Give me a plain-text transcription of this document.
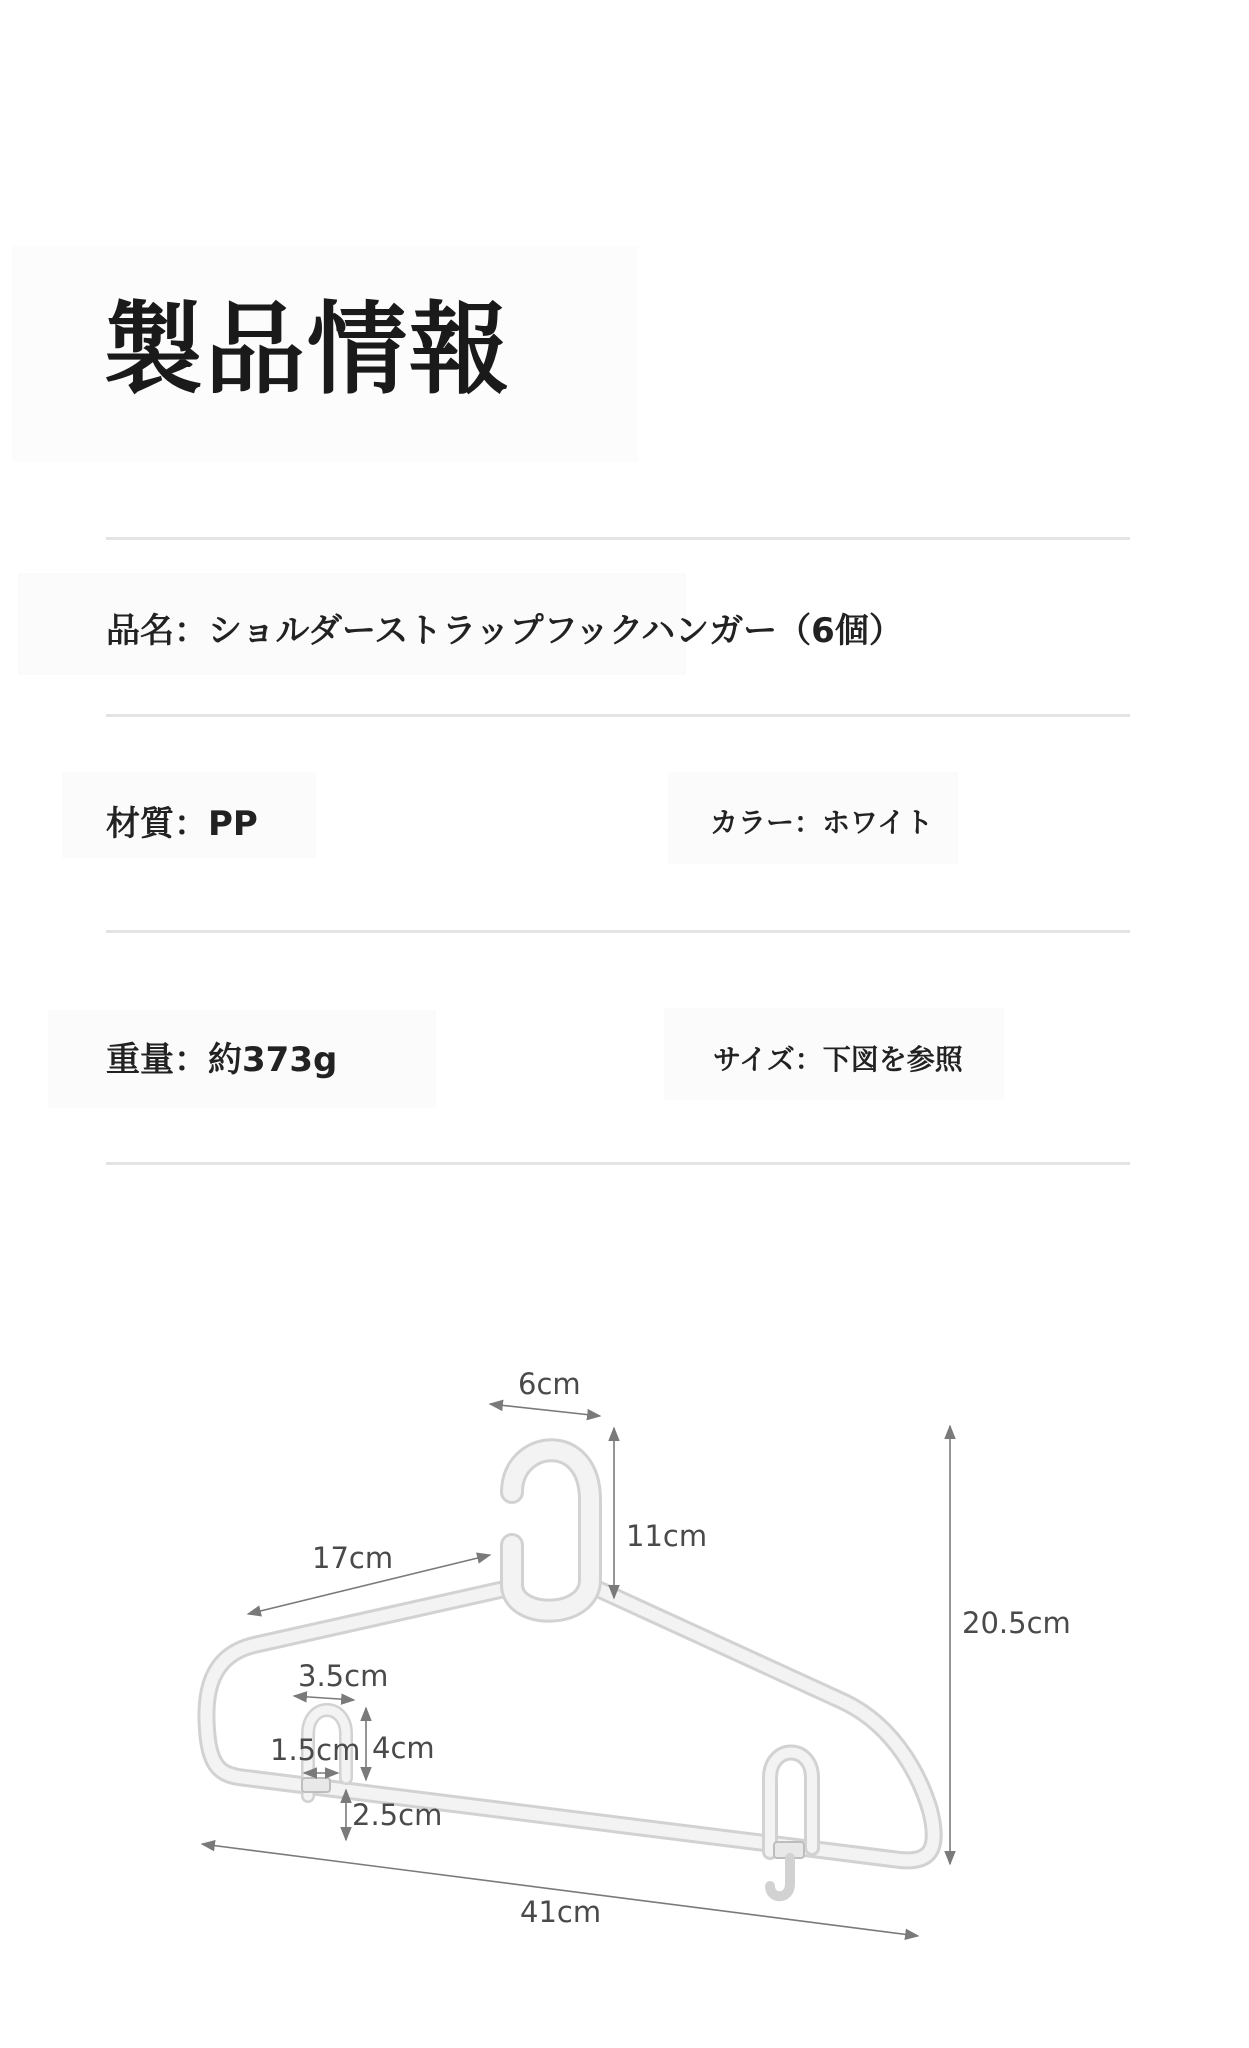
製品情報
品名：ショルダーストラップフックハンガー（6個）
材質：PP	カラー：ホワイト
重量：約373g	サイズ：下図を参照
6cm
11cm
17cm
20.5cm
3.5cm
1.5cm 4cm
2.5cm
41cm
